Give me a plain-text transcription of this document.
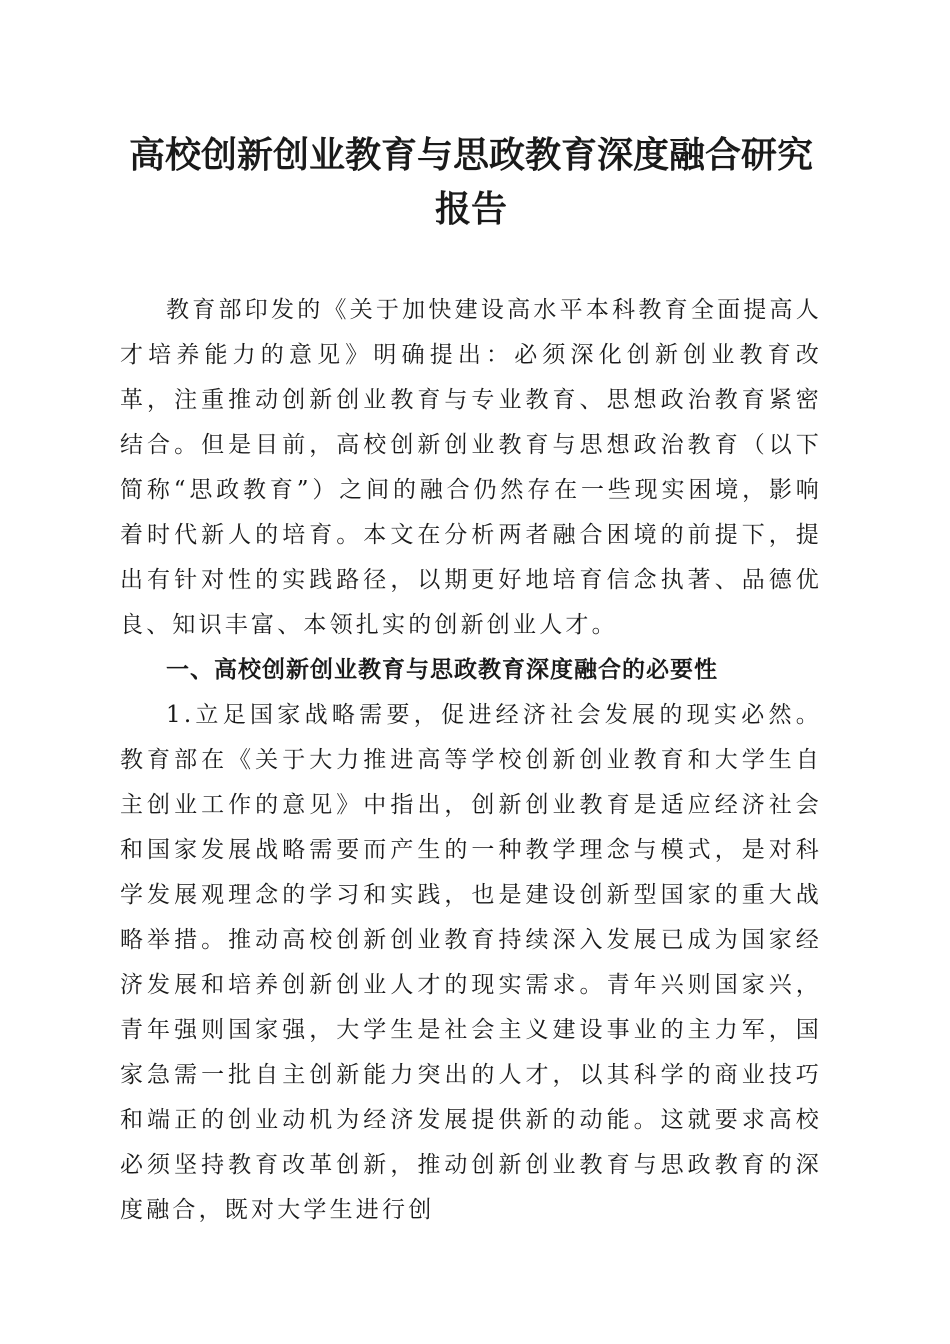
高校创新创业教育与思政教育深度融合研究报告

教育部印发的《关于加快建设高水平本科教育全面提高人才培养能力的意见》明确提出：必须深化创新创业教育改革，注重推动创新创业教育与专业教育、思想政治教育紧密结合。但是目前，高校创新创业教育与思想政治教育（以下简称“思政教育”）之间的融合仍然存在一些现实困境，影响着时代新人的培育。本文在分析两者融合困境的前提下，提出有针对性的实践路径，以期更好地培育信念执著、品德优良、知识丰富、本领扎实的创新创业人才。

一、高校创新创业教育与思政教育深度融合的必要性

1.立足国家战略需要，促进经济社会发展的现实必然。教育部在《关于大力推进高等学校创新创业教育和大学生自主创业工作的意见》中指出，创新创业教育是适应经济社会和国家发展战略需要而产生的一种教学理念与模式，是对科学发展观理念的学习和实践，也是建设创新型国家的重大战略举措。推动高校创新创业教育持续深入发展已成为国家经济发展和培养创新创业人才的现实需求。青年兴则国家兴，青年强则国家强，大学生是社会主义建设事业的主力军，国家急需一批自主创新能力突出的人才，以其科学的商业技巧和端正的创业动机为经济发展提供新的动能。这就要求高校必须坚持教育改革创新，推动创新创业教育与思政教育的深度融合，既对大学生进行创
